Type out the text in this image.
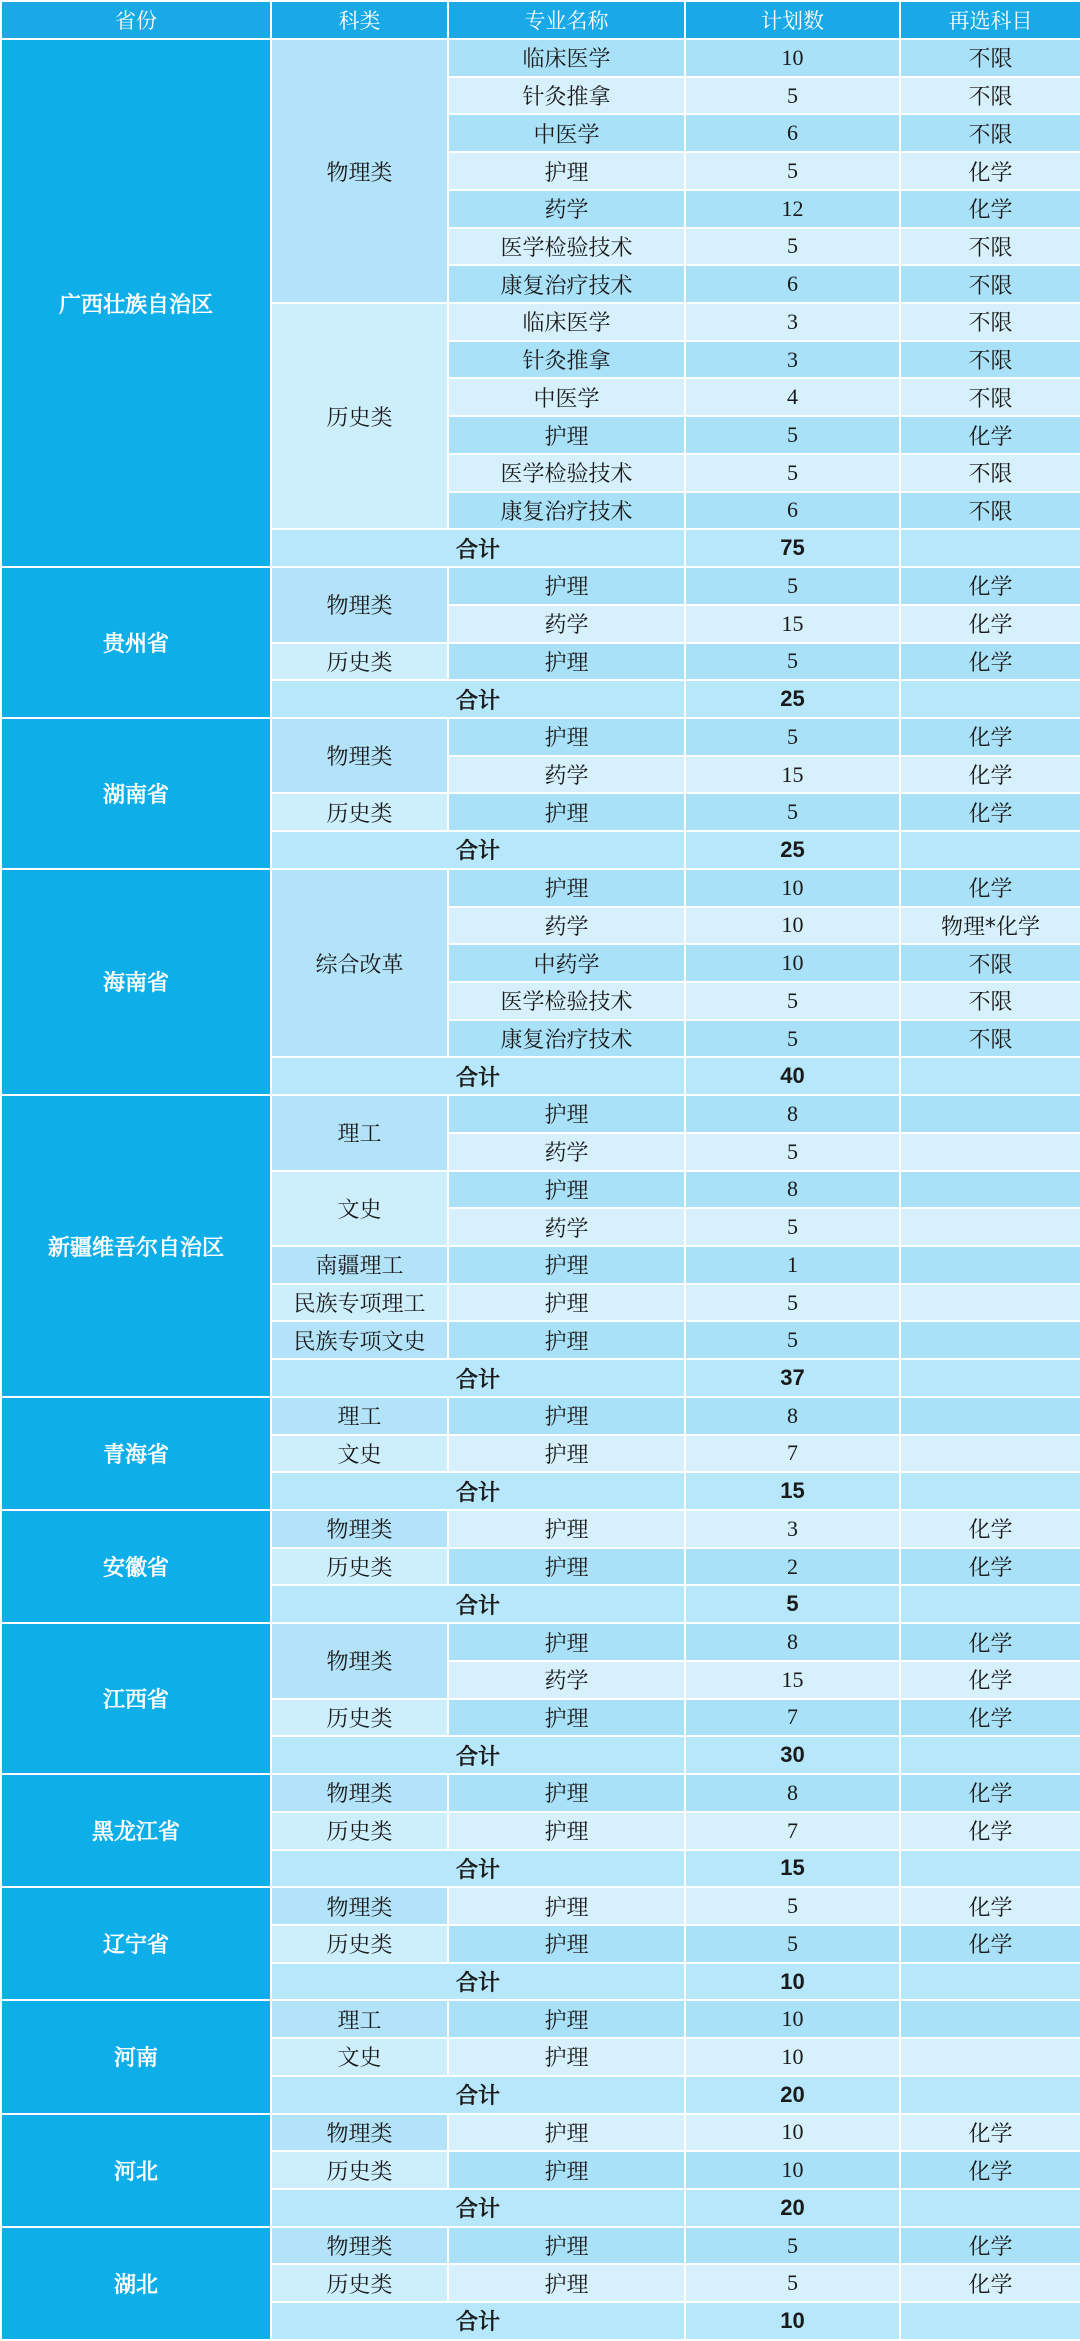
省份	科类	专业名称	计划数	再选科目
广西壮族自治区	物理类	临床医学	10	不限
		针灸推拿	5	不限
		中医学	6	不限
		护理	5	化学
		药学	12	化学
		医学检验技术	5	不限
		康复治疗技术	6	不限
	历史类	临床医学	3	不限
		针灸推拿	3	不限
		中医学	4	不限
		护理	5	化学
		医学检验技术	5	不限
		康复治疗技术	6	不限
	合计		75	
贵州省	物理类	护理	5	化学
		药学	15	化学
	历史类	护理	5	化学
	合计		25	
湖南省	物理类	护理	5	化学
		药学	15	化学
	历史类	护理	5	化学
	合计		25	
海南省	综合改革	护理	10	化学
		药学	10	物理*化学
		中药学	10	不限
		医学检验技术	5	不限
		康复治疗技术	5	不限
	合计		40	
新疆维吾尔自治区	理工	护理	8	
		药学	5	
	文史	护理	8	
		药学	5	
	南疆理工	护理	1	
	民族专项理工	护理	5	
	民族专项文史	护理	5	
	合计		37	
青海省	理工	护理	8	
	文史	护理	7	
	合计		15	
安徽省	物理类	护理	3	化学
	历史类	护理	2	化学
	合计		5	
江西省	物理类	护理	8	化学
		药学	15	化学
	历史类	护理	7	化学
	合计		30	
黑龙江省	物理类	护理	8	化学
	历史类	护理	7	化学
	合计		15	
辽宁省	物理类	护理	5	化学
	历史类	护理	5	化学
	合计		10	
河南	理工	护理	10	
	文史	护理	10	
	合计		20	
河北	物理类	护理	10	化学
	历史类	护理	10	化学
	合计		20	
湖北	物理类	护理	5	化学
	历史类	护理	5	化学
	合计		10	
